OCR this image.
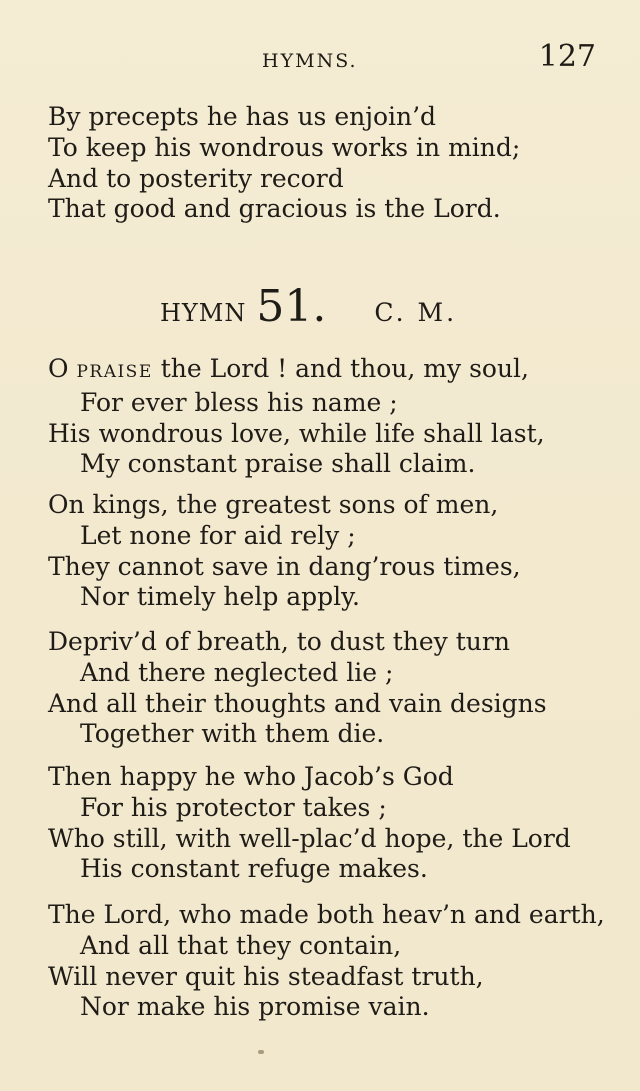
HYMNS.	127
By precepts he has us enjoin’d
To keep his wondrous works in mind;
And to posterity record
That good and gracious is the Lord.
HYMN 51. C. M.
O PRAISE the Lord ! and thou, my soul,
For ever bless his name ;
His wondrous love, while life shall last,
My constant praise shall claim.
On kings, the greatest sons of men,
Let none for aid rely ;
They cannot save in dang’rous times,
Nor timely help apply.
Depriv’d of breath, to dust they turn
And there neglected lie ;
And all their thoughts and vain designs
Together with them die.
Then happy he who Jacob’s God
For his protector takes ;
Who still, with well-plac’d hope, the Lord
His constant refuge makes.
The Lord, who made both heav’n and earth,
And all that they contain,
Will never quit his steadfast truth,
Nor make his promise vain.
